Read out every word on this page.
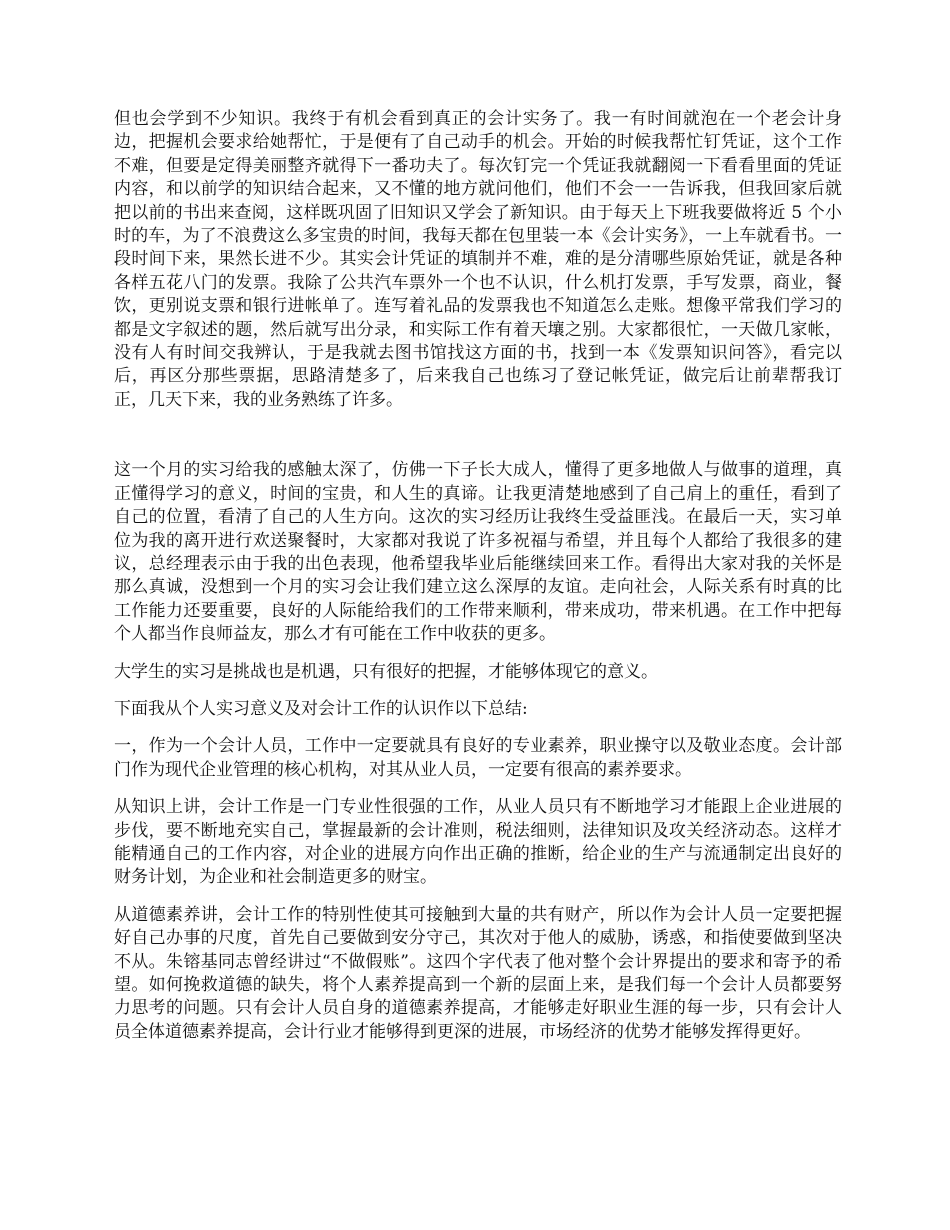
但也会学到不少知识。我终于有机会看到真正的会计实务了。我一有时间就泡在一个老会计身边，把握机会要求给她帮忙，于是便有了自己动手的机会。开始的时候我帮忙钉凭证，这个工作不难，但要是定得美丽整齐就得下一番功夫了。每次钉完一个凭证我就翻阅一下看看里面的凭证内容，和以前学的知识结合起来，又不懂的地方就问他们，他们不会一一告诉我，但我回家后就把以前的书出来查阅，这样既巩固了旧知识又学会了新知识。由于每天上下班我要做将近 5 个小时的车，为了不浪费这么多宝贵的时间，我每天都在包里装一本《会计实务》，一上车就看书。一段时间下来，果然长进不少。其实会计凭证的填制并不难，难的是分清哪些原始凭证，就是各种各样五花八门的发票。我除了公共汽车票外一个也不认识，什么机打发票，手写发票，商业，餐饮，更别说支票和银行进帐单了。连写着礼品的发票我也不知道怎么走账。想像平常我们学习的都是文字叙述的题，然后就写出分录，和实际工作有着天壤之别。大家都很忙，一天做几家帐，没有人有时间交我辨认，于是我就去图书馆找这方面的书，找到一本《发票知识问答》，看完以后，再区分那些票据，思路清楚多了，后来我自己也练习了登记帐凭证，做完后让前辈帮我订正，几天下来，我的业务熟练了许多。

这一个月的实习给我的感触太深了，仿佛一下子长大成人，懂得了更多地做人与做事的道理，真正懂得学习的意义，时间的宝贵，和人生的真谛。让我更清楚地感到了自己肩上的重任，看到了自己的位置，看清了自己的人生方向。这次的实习经历让我终生受益匪浅。在最后一天，实习单位为我的离开进行欢送聚餐时，大家都对我说了许多祝福与希望，并且每个人都给了我很多的建议，总经理表示由于我的出色表现，他希望我毕业后能继续回来工作。看得出大家对我的关怀是那么真诚，没想到一个月的实习会让我们建立这么深厚的友谊。走向社会，人际关系有时真的比工作能力还要重要，良好的人际能给我们的工作带来顺利，带来成功，带来机遇。在工作中把每个人都当作良师益友，那么才有可能在工作中收获的更多。

大学生的实习是挑战也是机遇，只有很好的把握，才能够体现它的意义。

下面我从个人实习意义及对会计工作的认识作以下总结:

一，作为一个会计人员，工作中一定要就具有良好的专业素养，职业操守以及敬业态度。会计部门作为现代企业管理的核心机构，对其从业人员，一定要有很高的素养要求。

从知识上讲，会计工作是一门专业性很强的工作，从业人员只有不断地学习才能跟上企业进展的步伐，要不断地充实自己，掌握最新的会计准则，税法细则，法律知识及攻关经济动态。这样才能精通自己的工作内容，对企业的进展方向作出正确的推断，给企业的生产与流通制定出良好的财务计划，为企业和社会制造更多的财宝。

从道德素养讲，会计工作的特别性使其可接触到大量的共有财产，所以作为会计人员一定要把握好自己办事的尺度，首先自己要做到安分守己，其次对于他人的威胁，诱惑，和指使要做到坚决不从。朱镕基同志曾经讲过“不做假账”。这四个字代表了他对整个会计界提出的要求和寄予的希望。如何挽救道德的缺失，将个人素养提高到一个新的层面上来，是我们每一个会计人员都要努力思考的问题。只有会计人员自身的道德素养提高，才能够走好职业生涯的每一步，只有会计人员全体道德素养提高，会计行业才能够得到更深的进展，市场经济的优势才能够发挥得更好。
